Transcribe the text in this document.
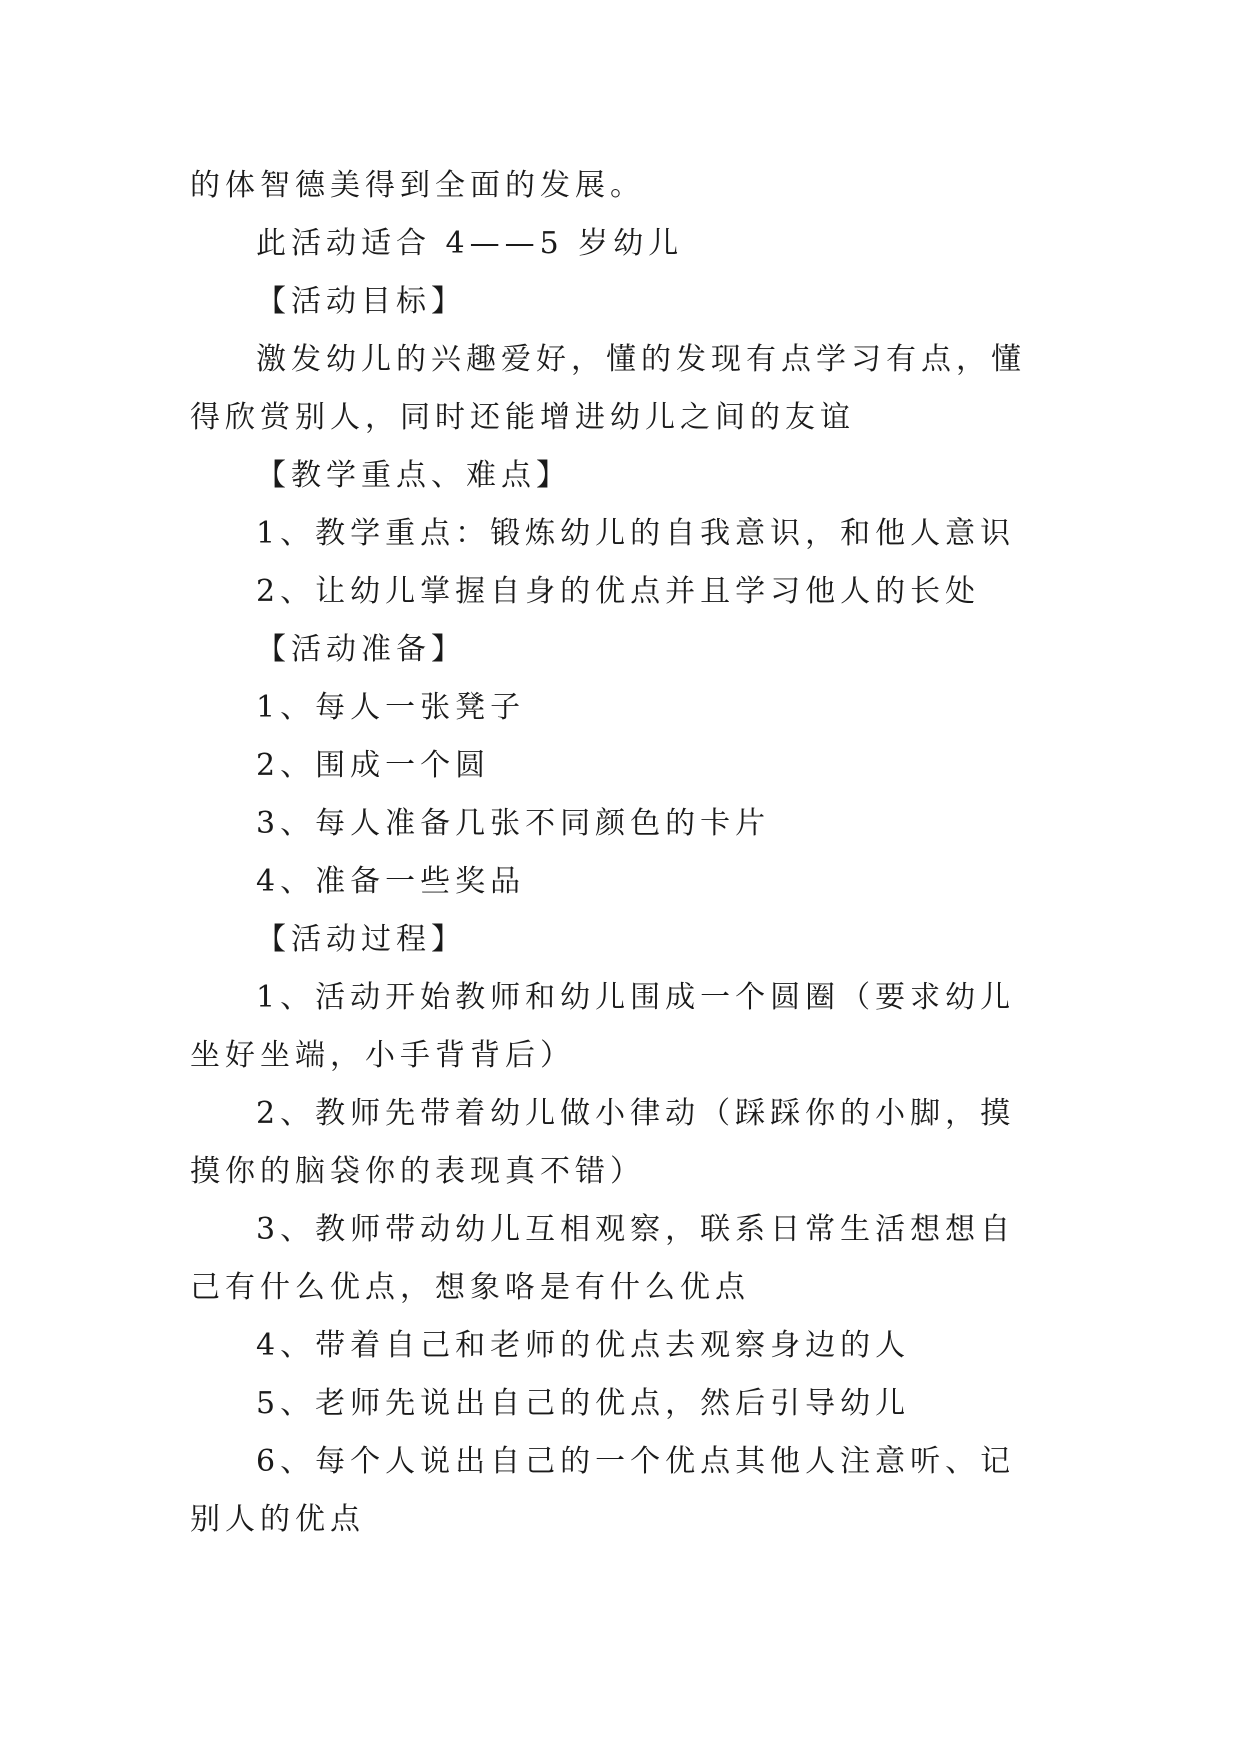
的体智德美得到全面的发展。

此活动适合 4——5 岁幼儿

【活动目标】

激发幼儿的兴趣爱好，懂的发现有点学习有点，懂得欣赏别人，同时还能增进幼儿之间的友谊

【教学重点、难点】

1、教学重点：锻炼幼儿的自我意识，和他人意识

2、让幼儿掌握自身的优点并且学习他人的长处

【活动准备】

1、每人一张凳子

2、围成一个圆

3、每人准备几张不同颜色的卡片

4、准备一些奖品

【活动过程】

1、活动开始教师和幼儿围成一个圆圈（要求幼儿坐好坐端，小手背背后）

2、教师先带着幼儿做小律动（踩踩你的小脚，摸摸你的脑袋你的表现真不错）

3、教师带动幼儿互相观察，联系日常生活想想自己有什么优点，想象咯是有什么优点

4、带着自己和老师的优点去观察身边的人

5、老师先说出自己的优点，然后引导幼儿

6、每个人说出自己的一个优点其他人注意听、记别人的优点
